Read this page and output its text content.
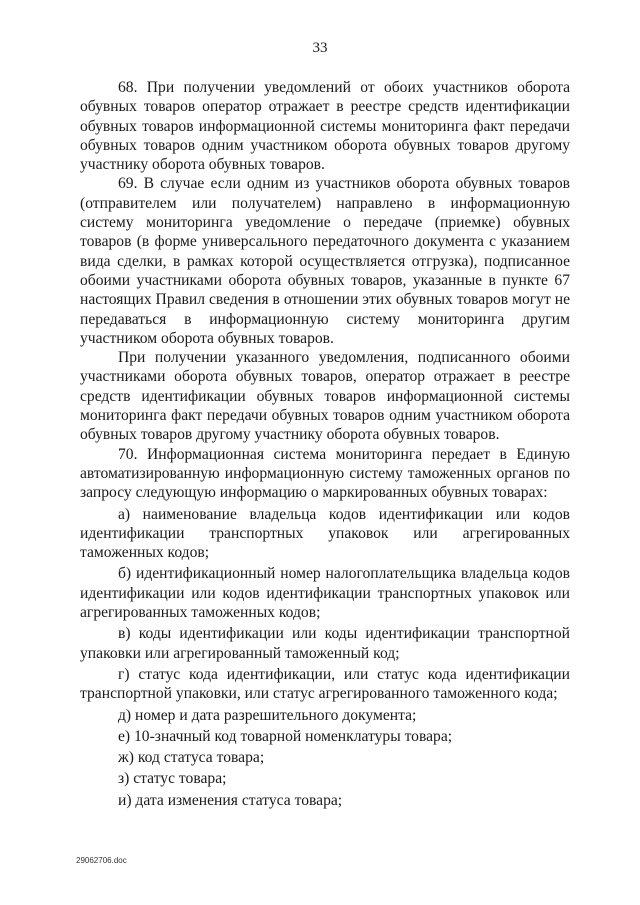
33

68. При получении уведомлений от обоих участников оборота обувных товаров оператор отражает в реестре средств идентификации обувных товаров информационной системы мониторинга факт передачи обувных товаров одним участником оборота обувных товаров другому участнику оборота обувных товаров.

69. В случае если одним из участников оборота обувных товаров (отправителем или получателем) направлено в информационную систему мониторинга уведомление о передаче (приемке) обувных товаров (в форме универсального передаточного документа с указанием вида сделки, в рамках которой осуществляется отгрузка), подписанное обоими участниками оборота обувных товаров, указанные в пункте 67 настоящих Правил сведения в отношении этих обувных товаров могут не передаваться в информационную систему мониторинга другим участником оборота обувных товаров.

При получении указанного уведомления, подписанного обоими участниками оборота обувных товаров, оператор отражает в реестре средств идентификации обувных товаров информационной системы мониторинга факт передачи обувных товаров одним участником оборота обувных товаров другому участнику оборота обувных товаров.

70. Информационная система мониторинга передает в Единую автоматизированную информационную систему таможенных органов по запросу следующую информацию о маркированных обувных товарах:

а) наименование владельца кодов идентификации или кодов идентификации транспортных упаковок или агрегированных таможенных кодов;

б) идентификационный номер налогоплательщика владельца кодов идентификации или кодов идентификации транспортных упаковок или агрегированных таможенных кодов;

в) коды идентификации или коды идентификации транспортной упаковки или агрегированный таможенный код;

г) статус кода идентификации, или статус кода идентификации транспортной упаковки, или статус агрегированного таможенного кода;

д) номер и дата разрешительного документа;

е) 10-значный код товарной номенклатуры товара;

ж) код статуса товара;

з) статус товара;

и) дата изменения статуса товара;

29062706.doc
